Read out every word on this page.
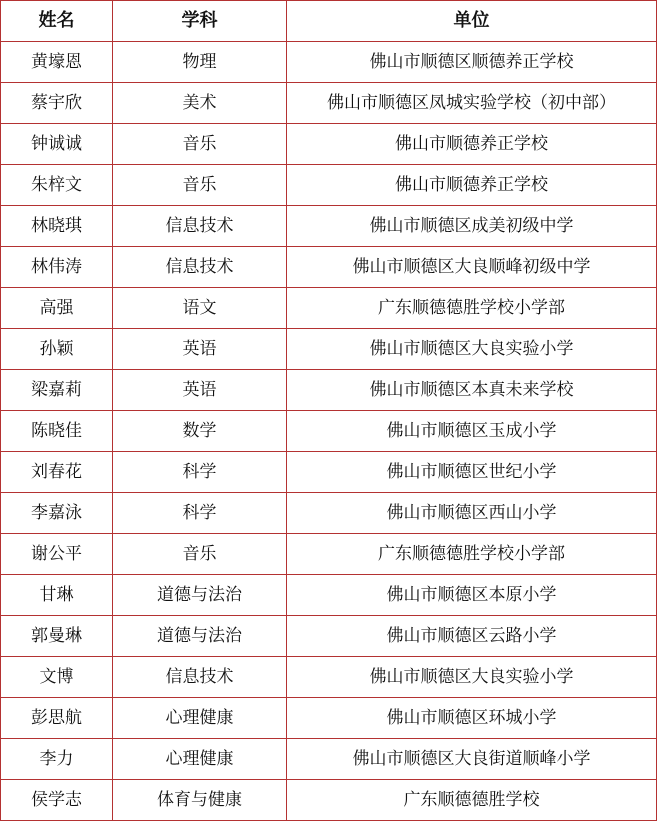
姓名	学科	单位
黄壕恩	物理	佛山市顺德区顺德养正学校
蔡宇欣	美术	佛山市顺德区凤城实验学校（初中部）
钟诚诚	音乐	佛山市顺德养正学校
朱梓文	音乐	佛山市顺德养正学校
林晓琪	信息技术	佛山市顺德区成美初级中学
林伟涛	信息技术	佛山市顺德区大良顺峰初级中学
高强	语文	广东顺德德胜学校小学部
孙颖	英语	佛山市顺德区大良实验小学
梁嘉莉	英语	佛山市顺德区本真未来学校
陈晓佳	数学	佛山市顺德区玉成小学
刘春花	科学	佛山市顺德区世纪小学
李嘉泳	科学	佛山市顺德区西山小学
谢公平	音乐	广东顺德德胜学校小学部
甘琳	道德与法治	佛山市顺德区本原小学
郭曼琳	道德与法治	佛山市顺德区云路小学
文博	信息技术	佛山市顺德区大良实验小学
彭思航	心理健康	佛山市顺德区环城小学
李力	心理健康	佛山市顺德区大良街道顺峰小学
侯学志	体育与健康	广东顺德德胜学校
